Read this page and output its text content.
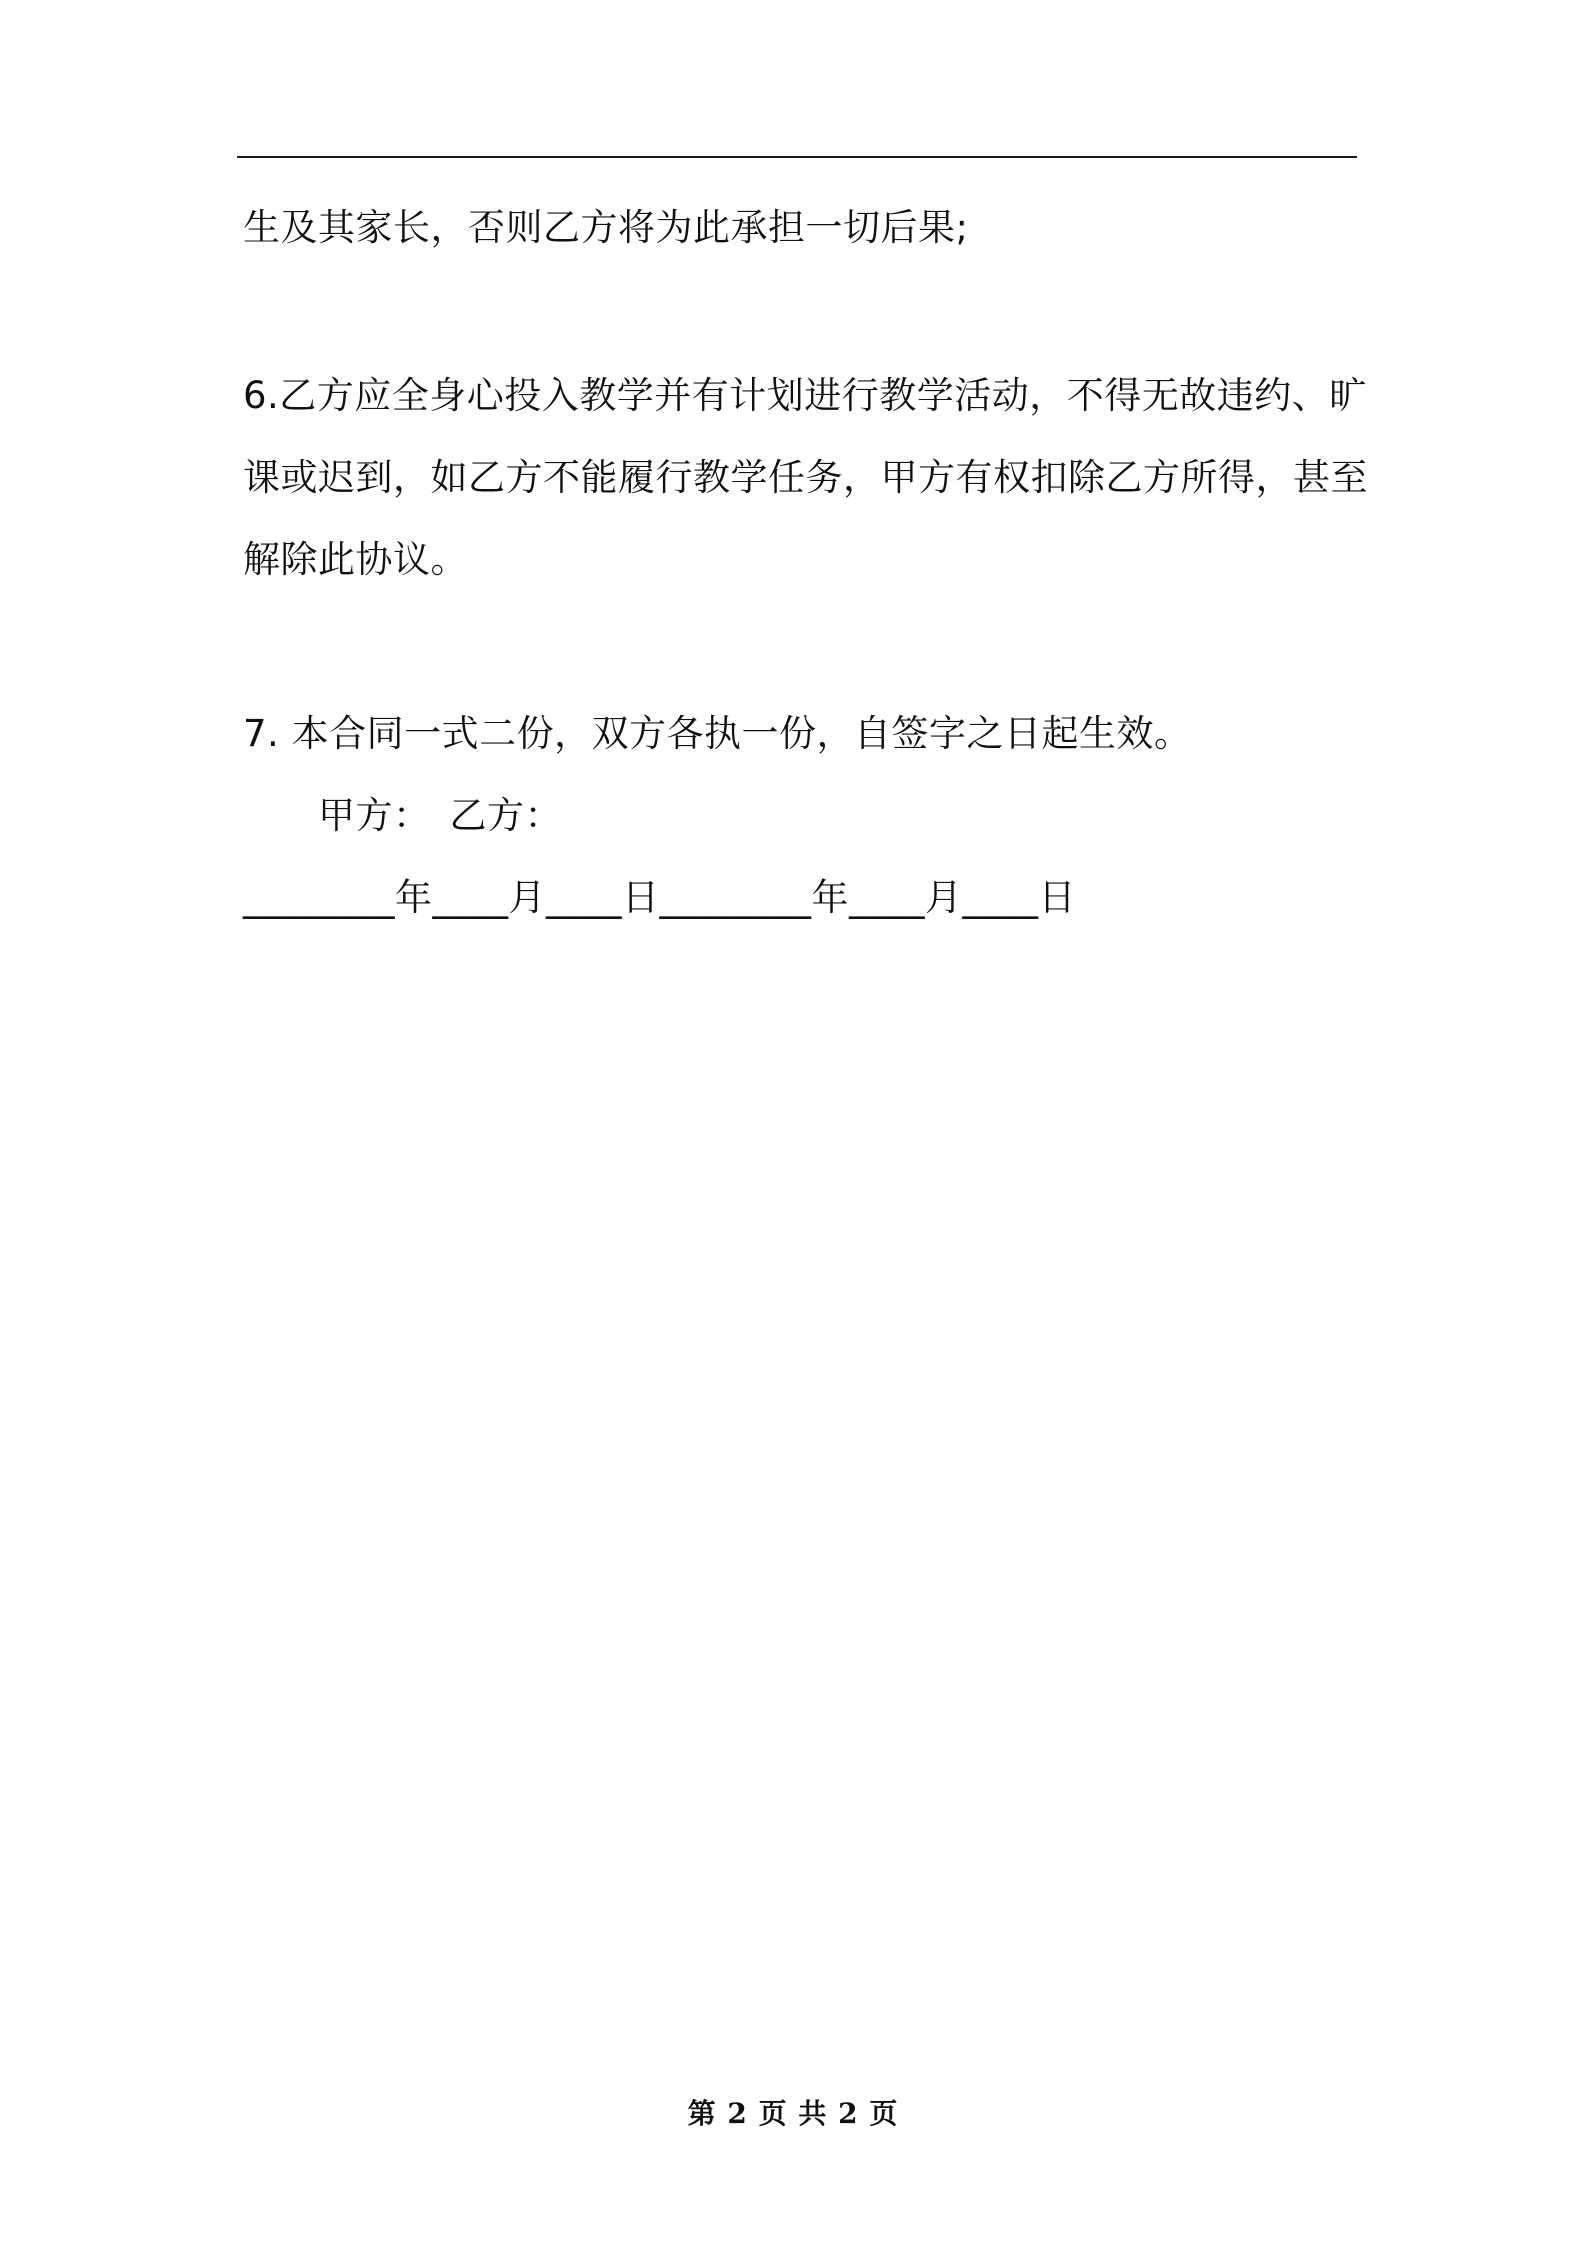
生及其家长，否则乙方将为此承担一切后果;
6.乙方应全身心投入教学并有计划进行教学活动，不得无故违约、旷
课或迟到，如乙方不能履行教学任务，甲方有权扣除乙方所得，甚至
解除此协议。
7. 本合同一式二份，双方各执一份，自签字之日起生效。
甲方：　乙方：
________年____月____日________年____月____日
第 2 页 共 2 页
